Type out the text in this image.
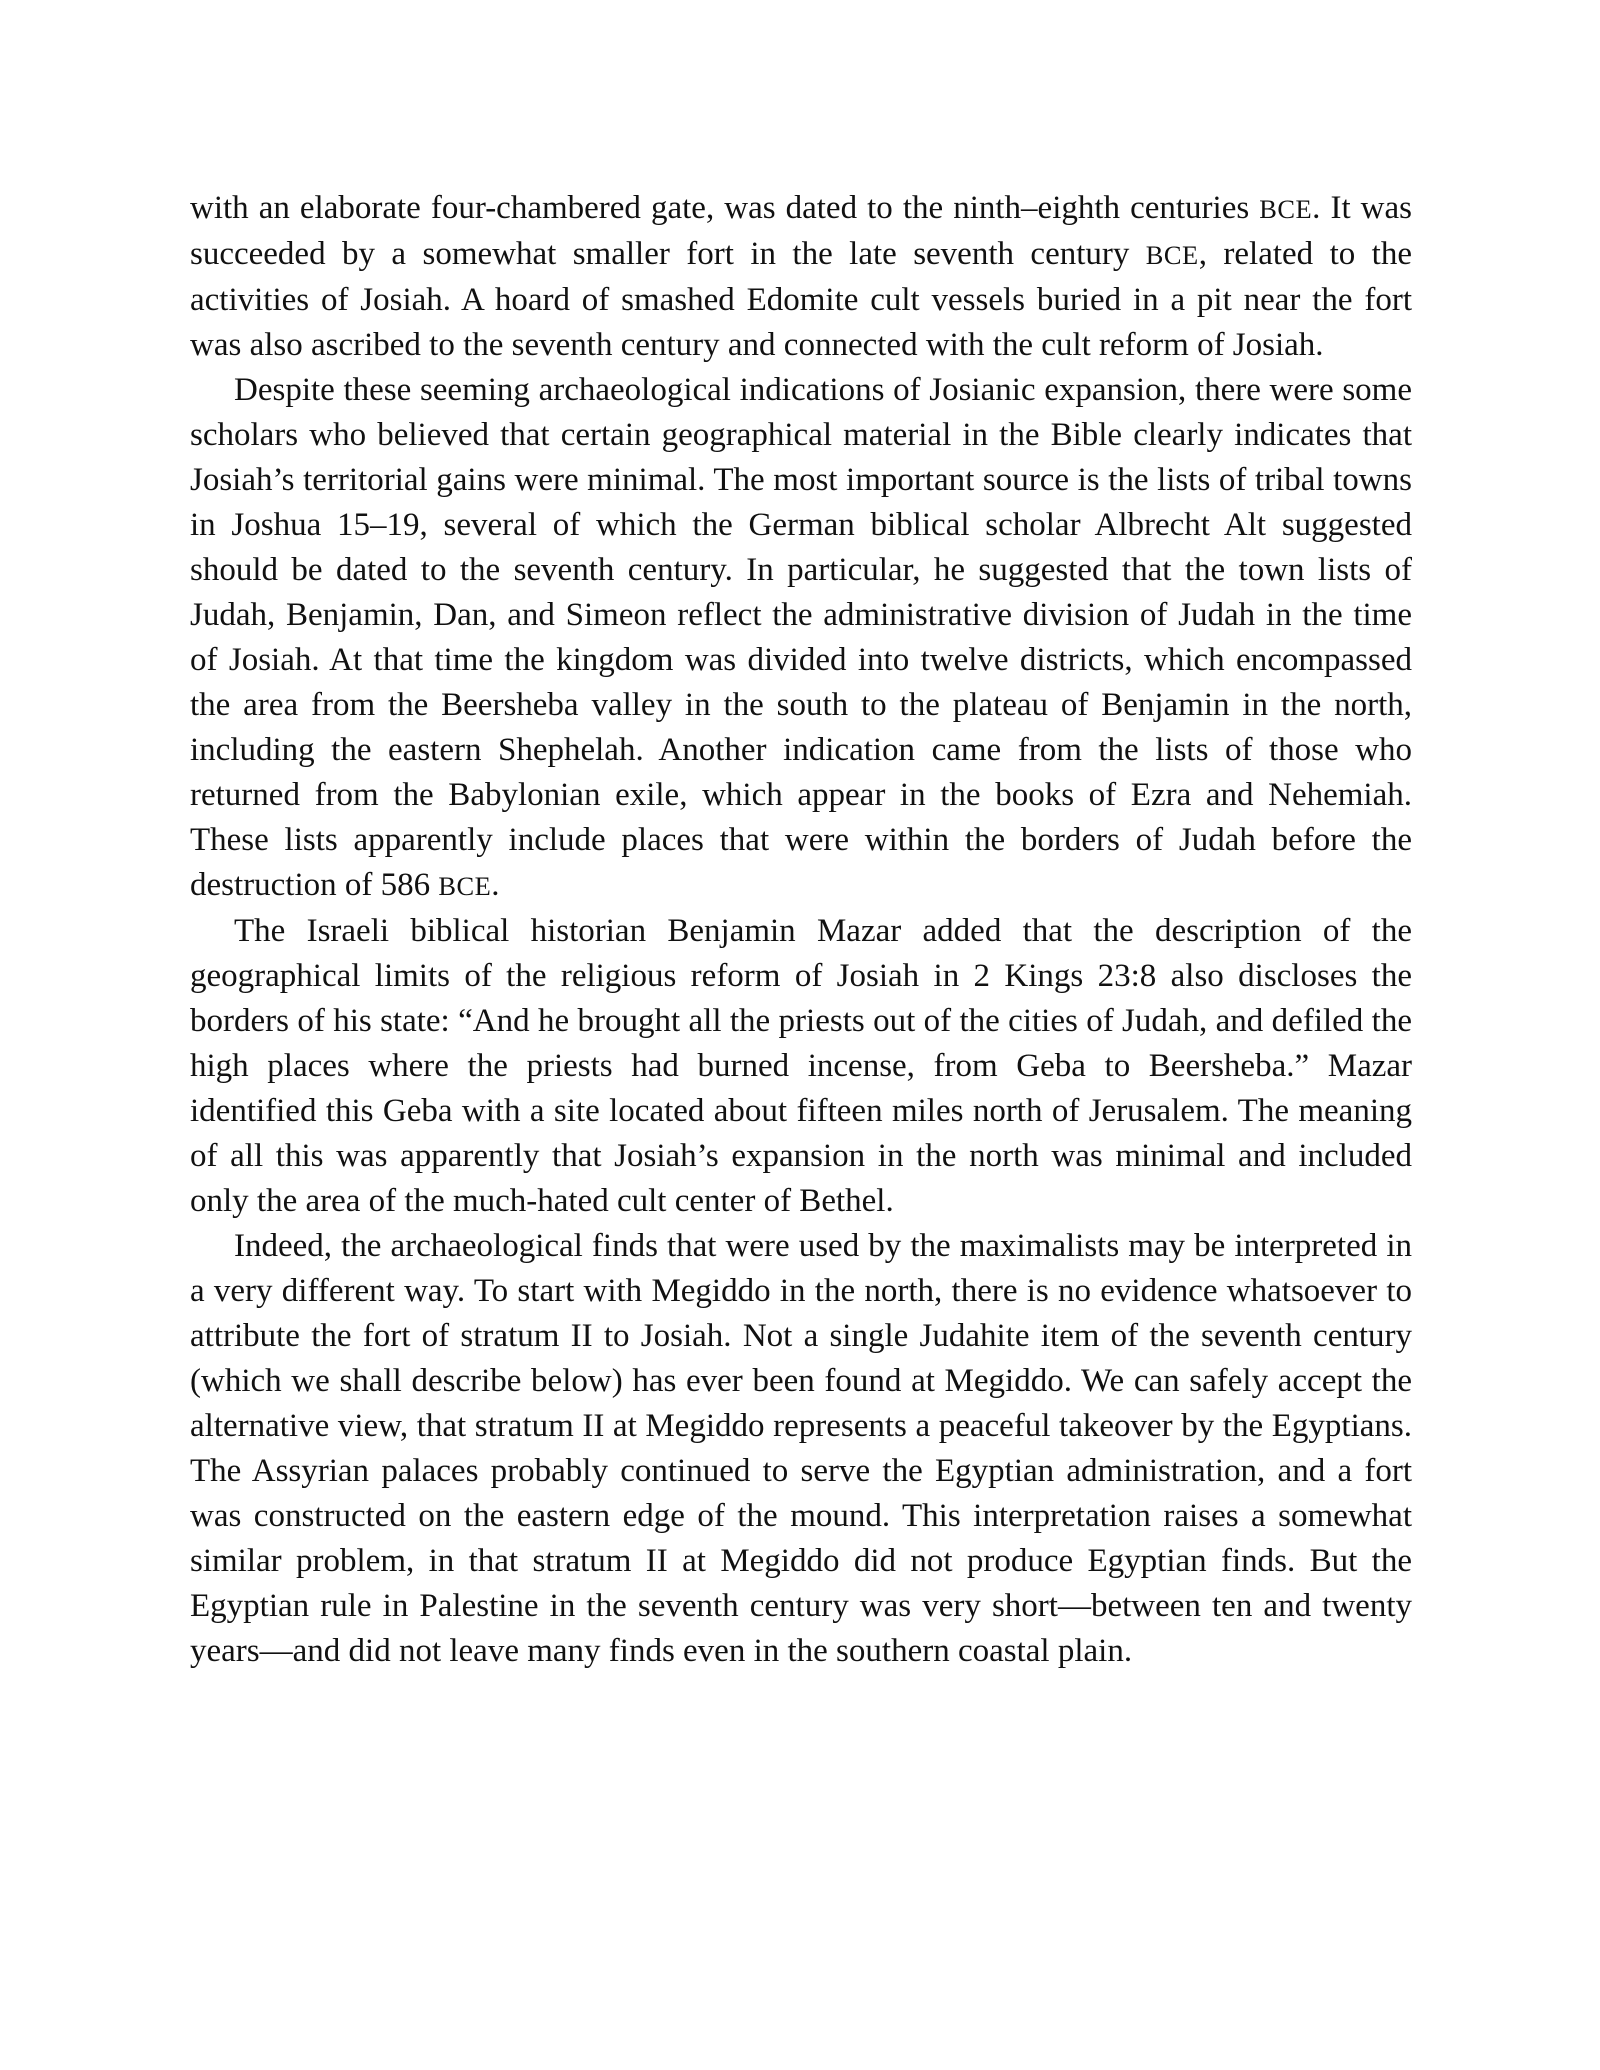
with an elaborate four-chambered gate, was dated to the ninth–eighth centuries BCE. It was succeeded by a somewhat smaller fort in the late seventh century BCE, related to the activities of Josiah. A hoard of smashed Edomite cult vessels buried in a pit near the fort was also ascribed to the seventh century and connected with the cult reform of Josiah.

Despite these seeming archaeological indications of Josianic expansion, there were some scholars who believed that certain geographical material in the Bible clearly indicates that Josiah’s territorial gains were minimal. The most important source is the lists of tribal towns in Joshua 15–19, several of which the German biblical scholar Albrecht Alt suggested should be dated to the seventh century. In particular, he suggested that the town lists of Judah, Benjamin, Dan, and Simeon reflect the administrative division of Judah in the time of Josiah. At that time the kingdom was divided into twelve districts, which encompassed the area from the Beersheba valley in the south to the plateau of Benjamin in the north, including the eastern Shephelah. Another indication came from the lists of those who returned from the Babylonian exile, which appear in the books of Ezra and Nehemiah. These lists apparently include places that were within the borders of Judah before the destruction of 586 BCE.

The Israeli biblical historian Benjamin Mazar added that the description of the geographical limits of the religious reform of Josiah in 2 Kings 23:8 also discloses the borders of his state: “And he brought all the priests out of the cities of Judah, and defiled the high places where the priests had burned incense, from Geba to Beersheba.” Mazar identified this Geba with a site located about fifteen miles north of Jerusalem. The meaning of all this was apparently that Josiah’s expansion in the north was minimal and included only the area of the much-hated cult center of Bethel.

Indeed, the archaeological finds that were used by the maximalists may be interpreted in a very different way. To start with Megiddo in the north, there is no evidence whatsoever to attribute the fort of stratum II to Josiah. Not a single Judahite item of the seventh century (which we shall describe below) has ever been found at Megiddo. We can safely accept the alternative view, that stratum II at Megiddo represents a peaceful takeover by the Egyptians. The Assyrian palaces probably continued to serve the Egyptian administration, and a fort was constructed on the eastern edge of the mound. This interpretation raises a somewhat similar problem, in that stratum II at Megiddo did not produce Egyptian finds. But the Egyptian rule in Palestine in the seventh century was very short—between ten and twenty years—and did not leave many finds even in the southern coastal plain.
